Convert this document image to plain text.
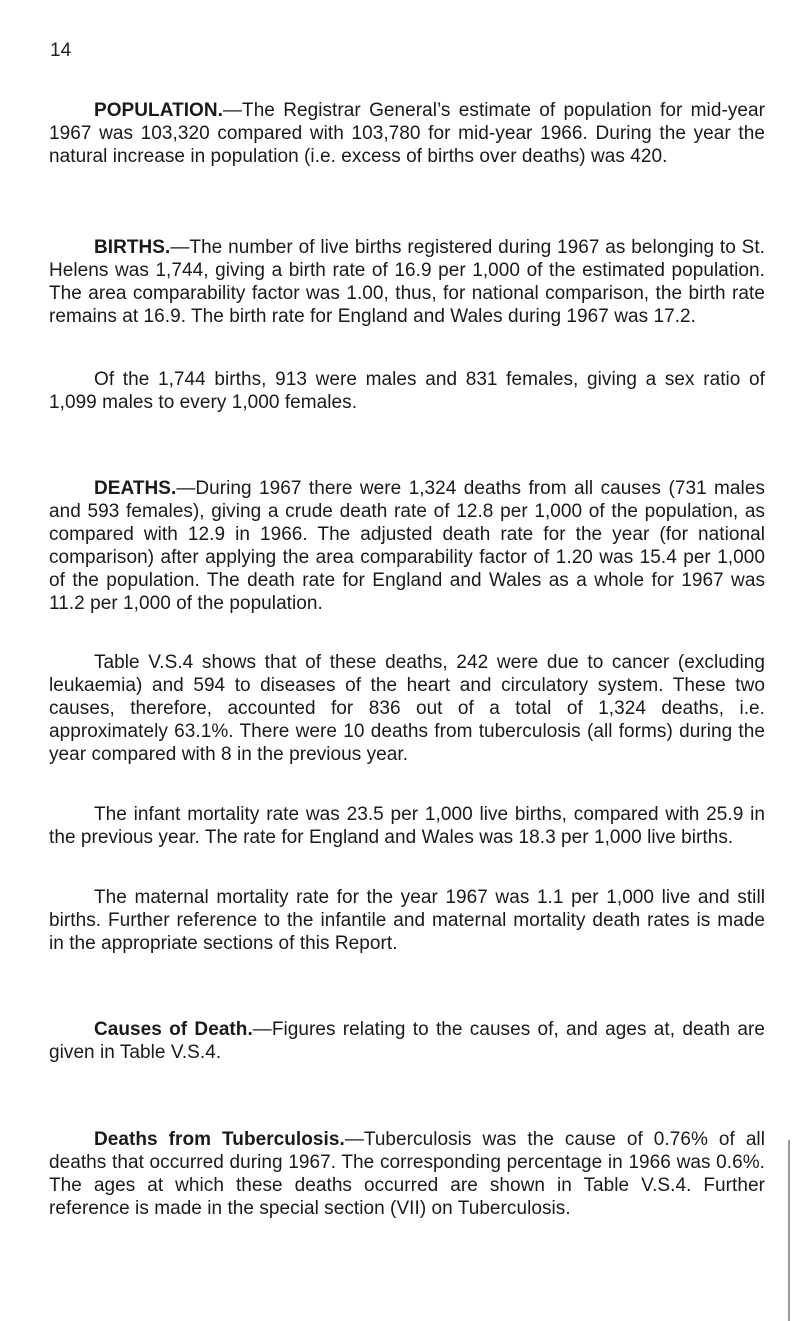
14

POPULATION.—The Registrar General’s estimate of population for mid-year 1967 was 103,320 compared with 103,780 for mid-year 1966. During the year the natural increase in population (i.e. excess of births over deaths) was 420.

BIRTHS.—The number of live births registered during 1967 as belonging to St. Helens was 1,744, giving a birth rate of 16.9 per 1,000 of the estimated population. The area comparability factor was 1.00, thus, for national comparison, the birth rate remains at 16.9. The birth rate for England and Wales during 1967 was 17.2.

Of the 1,744 births, 913 were males and 831 females, giving a sex ratio of 1,099 males to every 1,000 females.

DEATHS.—During 1967 there were 1,324 deaths from all causes (731 males and 593 females), giving a crude death rate of 12.8 per 1,000 of the population, as compared with 12.9 in 1966. The adjusted death rate for the year (for national comparison) after applying the area comparability factor of 1.20 was 15.4 per 1,000 of the population. The death rate for England and Wales as a whole for 1967 was 11.2 per 1,000 of the population.

Table V.S.4 shows that of these deaths, 242 were due to cancer (excluding leukaemia) and 594 to diseases of the heart and circulatory system. These two causes, therefore, accounted for 836 out of a total of 1,324 deaths, i.e. approximately 63.1%. There were 10 deaths from tuberculosis (all forms) during the year compared with 8 in the previous year.

The infant mortality rate was 23.5 per 1,000 live births, compared with 25.9 in the previous year. The rate for England and Wales was 18.3 per 1,000 live births.

The maternal mortality rate for the year 1967 was 1.1 per 1,000 live and still births. Further reference to the infantile and maternal mortality death rates is made in the appropriate sections of this Report.

Causes of Death.—Figures relating to the causes of, and ages at, death are given in Table V.S.4.

Deaths from Tuberculosis.—Tuberculosis was the cause of 0.76% of all deaths that occurred during 1967. The corresponding percentage in 1966 was 0.6%. The ages at which these deaths occurred are shown in Table V.S.4. Further reference is made in the special section (VII) on Tuberculosis.
